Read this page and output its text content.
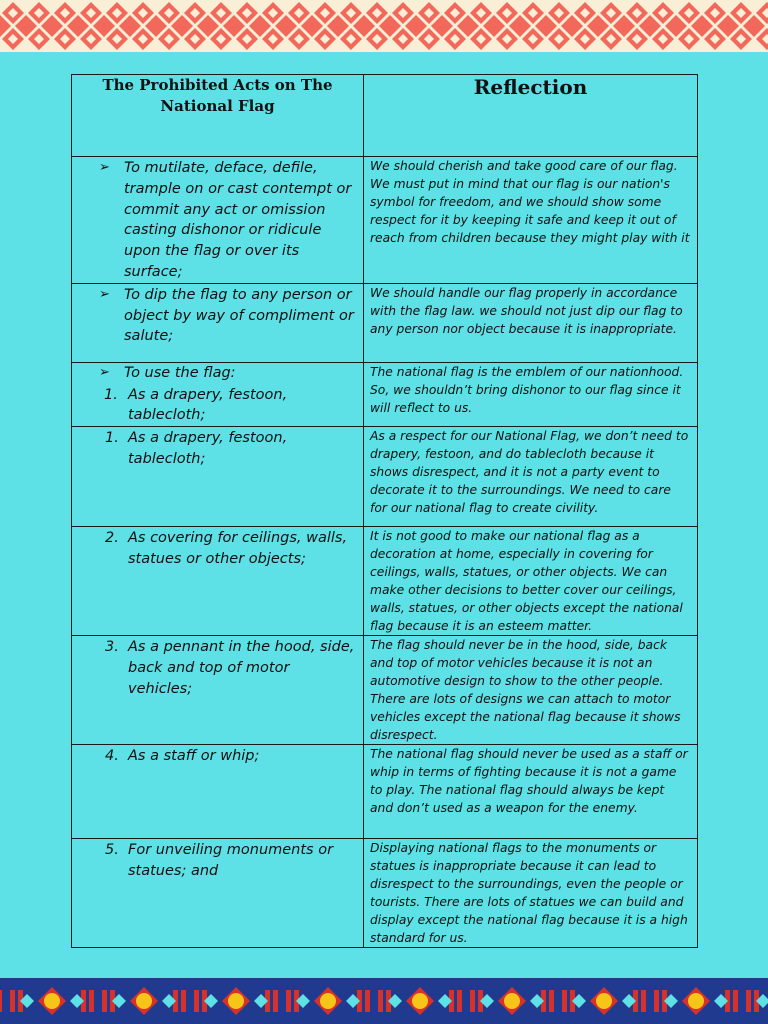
The Prohibited Acts on The National Flag	Reflection

➢ To mutilate, deface, defile, trample on or cast contempt or commit any act or omission casting dishonor or ridicule upon the flag or over its surface;	We should cherish and take good care of our flag. We must put in mind that our flag is our nation's symbol for freedom, and we should show some respect for it by keeping it safe and keep it out of reach from children because they might play with it

➢ To dip the flag to any person or object by way of compliment or salute;	We should handle our flag properly in accordance with the flag law. we should not just dip our flag to any person nor object because it is inappropriate.

➢ To use the flag:
1. As a drapery, festoon, tablecloth;	The national flag is the emblem of our nationhood. So, we shouldn’t bring dishonor to our flag since it will reflect to us.

1. As a drapery, festoon, tablecloth;	As a respect for our National Flag, we don’t need to drapery, festoon, and do tablecloth because it shows disrespect, and it is not a party event to decorate it to the surroundings. We need to care for our national flag to create civility.

2. As covering for ceilings, walls, statues or other objects;	It is not good to make our national flag as a decoration at home, especially in covering for ceilings, walls, statues, or other objects. We can make other decisions to better cover our ceilings, walls, statues, or other objects except the national flag because it is an esteem matter.

3. As a pennant in the hood, side, back and top of motor vehicles;	The flag should never be in the hood, side, back and top of motor vehicles because it is not an automotive design to show to the other people. There are lots of designs we can attach to motor vehicles except the national flag because it shows disrespect.

4. As a staff or whip;	The national flag should never be used as a staff or whip in terms of fighting because it is not a game to play. The national flag should always be kept and don’t used as a weapon for the enemy.

5. For unveiling monuments or statues; and	Displaying national flags to the monuments or statues is inappropriate because it can lead to disrespect to the surroundings, even the people or tourists. There are lots of statues we can build and display except the national flag because it is a high standard for us.
